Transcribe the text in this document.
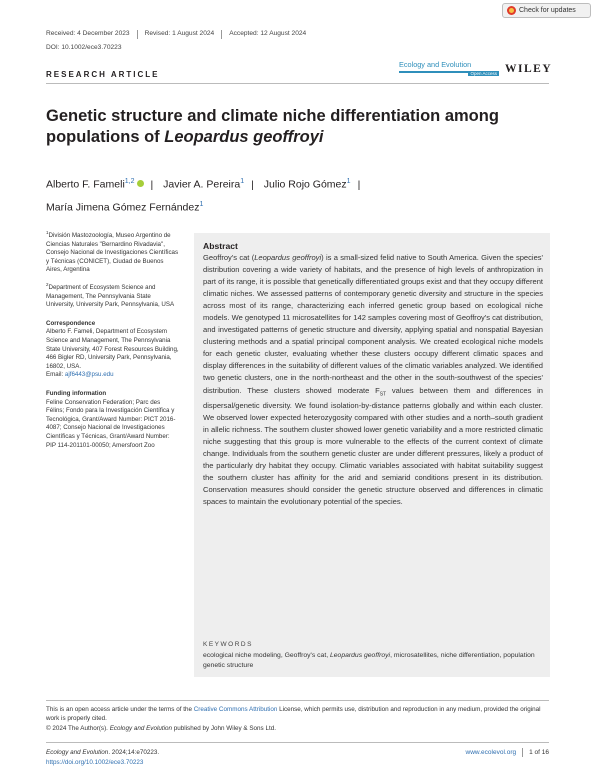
Check for updates
Received: 4 December 2023 Revised: 1 August 2024 Accepted: 12 August 2024
DOI: 10.1002/ece3.70223
RESEARCH ARTICLE
Ecology and Evolution
Open Access WILEY
Genetic structure and climate niche differentiation among populations of Leopardus geoffroyi
Alberto F. Fameli$^{1,2}$ | Javier A. Pereira$^1$ | Julio Rojo Gómez$^1$ |
María Jimena Gómez Fernández$^1$

$^1$División Mastozoología, Museo Argentino de Ciencias Naturales "Bernardino Rivadavia", Consejo Nacional de Investigaciones Científicas y Técnicas (CONICET), Ciudad de Buenos Aires, Argentina

$^2$Department of Ecosystem Science and Management, The Pennsylvania State University, University Park, Pennsylvania, USA

Correspondence

Alberto F. Fameli, Department of Ecosystem Science and Management, The Pennsylvania State University, 407 Forest Resources Building, 466 Bigler RD, University Park, Pennsylvania, 16802, USA.
Email: ajf6443@psu.edu

Funding information

Feline Conservation Federation; Parc des Félins; Fondo para la Investigación Científica y Tecnológica, Grant/Award Number: PICT 2016-4087; Consejo Nacional de Investigaciones Científicas y Técnicas, Grant/Award Number: PIP 114-201101-00050; Amersfoort Zoo

Abstract

Geoffroy's cat (Leopardus geoffroyi) is a small-sized felid native to South America. Given the species' distribution covering a wide variety of habitats, and the presence of high levels of anthropization in part of its range, it is possible that genetically differentiated groups exist and that they occupy different climatic niches. We assessed patterns of contemporary genetic diversity and structure in the species across most of its range, characterizing each inferred genetic group based on ecological niche models. We genotyped 11 microsatellites for 142 samples covering most of Geoffroy's cat distribution, and investigated patterns of genetic structure and diversity, applying spatial and nonspatial Bayesian clustering methods and a spatial principal component analysis. We created ecological niche models for each genetic cluster, evaluating whether these clusters occupy different climatic spaces and display differences in the suitability of different values of the climatic variables analyzed. We identified two genetic clusters, one in the north-northeast and the other in the south-southwest of the species' distribution. These clusters showed moderate $F_{ST}$ values between them and differences in dispersal/genetic diversity. We found isolation-by-distance patterns globally and within each cluster. We observed lower expected heterozygosity compared with other studies and a north–south gradient in allelic richness. The southern cluster showed lower genetic variability and a more restricted climatic niche suggesting that this group is more vulnerable to the effects of the current context of climate change. Individuals from the southern genetic cluster are under different pressures, likely a product of the particularly dry habitat they occupy. Climatic variables associated with habitat suitability suggest the southern cluster has affinity for the arid and semiarid conditions present in its distribution. Conservation measures should consider the genetic structure observed and differences in climatic spaces to maintain the evolutionary potential of the species.

KEYWORDS

ecological niche modeling, Geoffroy's cat, Leopardus geoffroyi, microsatellites, niche differentiation, population genetic structure

This is an open access article under the terms of the Creative Commons Attribution License, which permits use, distribution and reproduction in any medium, provided the original work is properly cited.
© 2024 The Author(s). Ecology and Evolution published by John Wiley & Sons Ltd.

Ecology and Evolution. 2024;14:e70223.
https://doi.org/10.1002/ece3.70223
www.ecolevol.org 1 of 16
